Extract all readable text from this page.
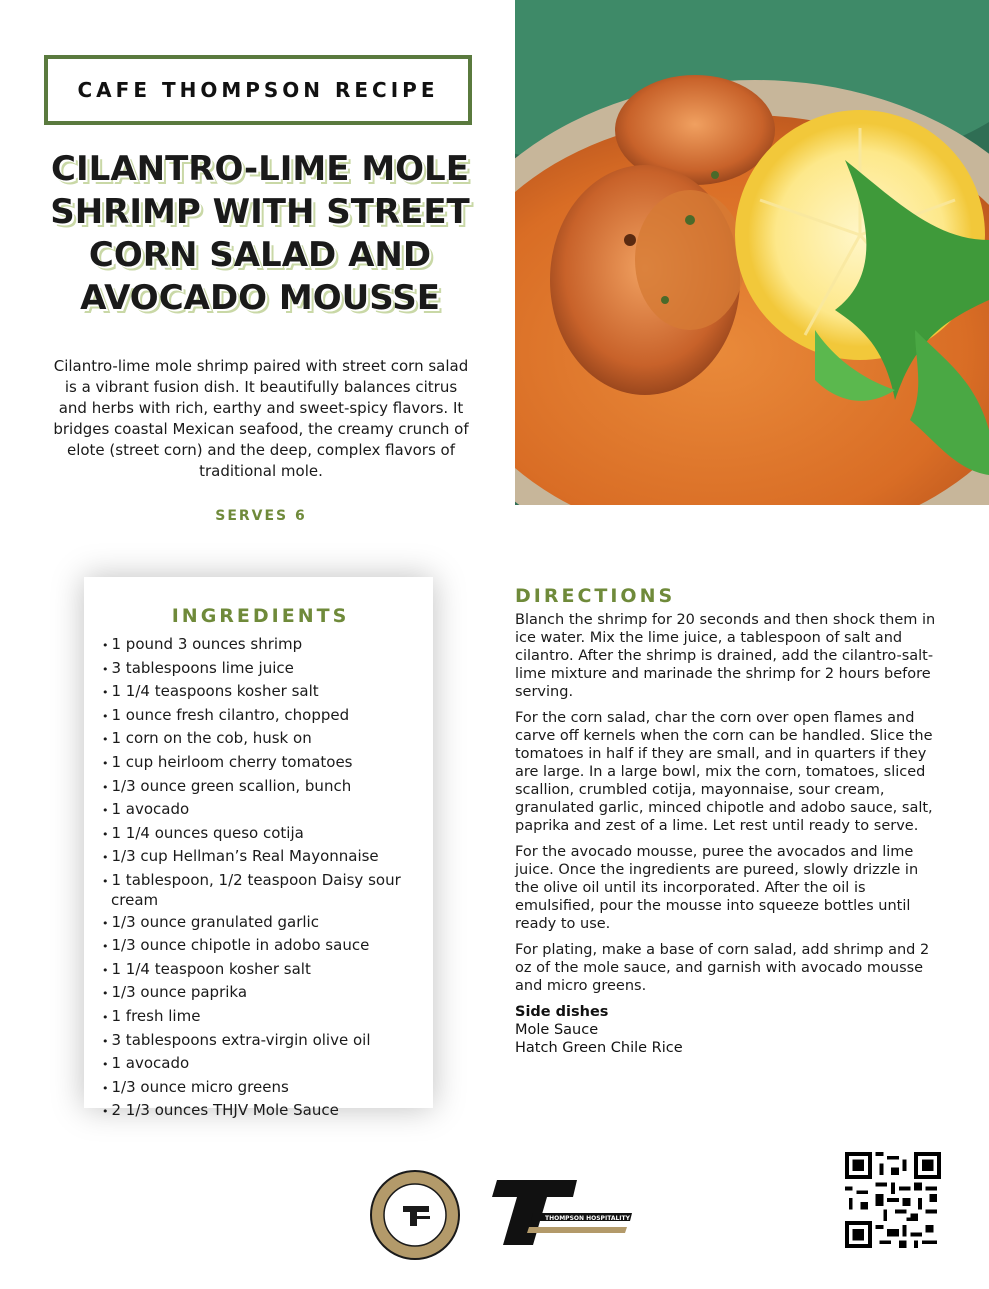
CAFE THOMPSON RECIPE
CILANTRO-LIME MOLE SHRIMP WITH STREET CORN SALAD AND AVOCADO MOUSSE

Cilantro-lime mole shrimp paired with street corn salad is a vibrant fusion dish. It beautifully balances citrus and herbs with rich, earthy and sweet-spicy flavors. It bridges coastal Mexican seafood, the creamy crunch of elote (street corn) and the deep, complex flavors of traditional mole.

SERVES 6
INGREDIENTS
• 1 pound 3 ounces shrimp
• 3 tablespoons lime juice
• 1 1/4 teaspoons kosher salt
• 1 ounce fresh cilantro, chopped
• 1 corn on the cob, husk on
• 1 cup heirloom cherry tomatoes
• 1/3 ounce green scallion, bunch
• 1 avocado
• 1 1/4 ounces queso cotija
• 1/3 cup Hellman’s Real Mayonnaise
• 1 tablespoon, 1/2 teaspoon Daisy sour cream
• 1/3 ounce granulated garlic
• 1/3 ounce chipotle in adobo sauce
• 1 1/4 teaspoon kosher salt
• 1/3 ounce paprika
• 1 fresh lime
• 3 tablespoons extra-virgin olive oil
• 1 avocado
• 1/3 ounce micro greens
• 2 1/3 ounces THJV Mole Sauce
DIRECTIONS

Blanch the shrimp for 20 seconds and then shock them in ice water. Mix the lime juice, a tablespoon of salt and cilantro. After the shrimp is drained, add the cilantro-salt-lime mixture and marinade the shrimp for 2 hours before serving.

For the corn salad, char the corn over open flames and carve off kernels when the corn can be handled. Slice the tomatoes in half if they are small, and in quarters if they are large. In a large bowl, mix the corn, tomatoes, sliced scallion, crumbled cotija, mayonnaise, sour cream, granulated garlic, minced chipotle and adobo sauce, salt, paprika and zest of a lime. Let rest until ready to serve.

For the avocado mousse, puree the avocados and lime juice. Once the ingredients are pureed, slowly drizzle in the olive oil until its incorporated. After the oil is emulsified, pour the mousse into squeeze bottles until ready to use.

For plating, make a base of corn salad, add shrimp and 2 oz of the mole sauce, and garnish with avocado mousse and micro greens.

Side dishes

Mole Sauce

Hatch Green Chile Rice

THOMPSON HOSPITALITY
